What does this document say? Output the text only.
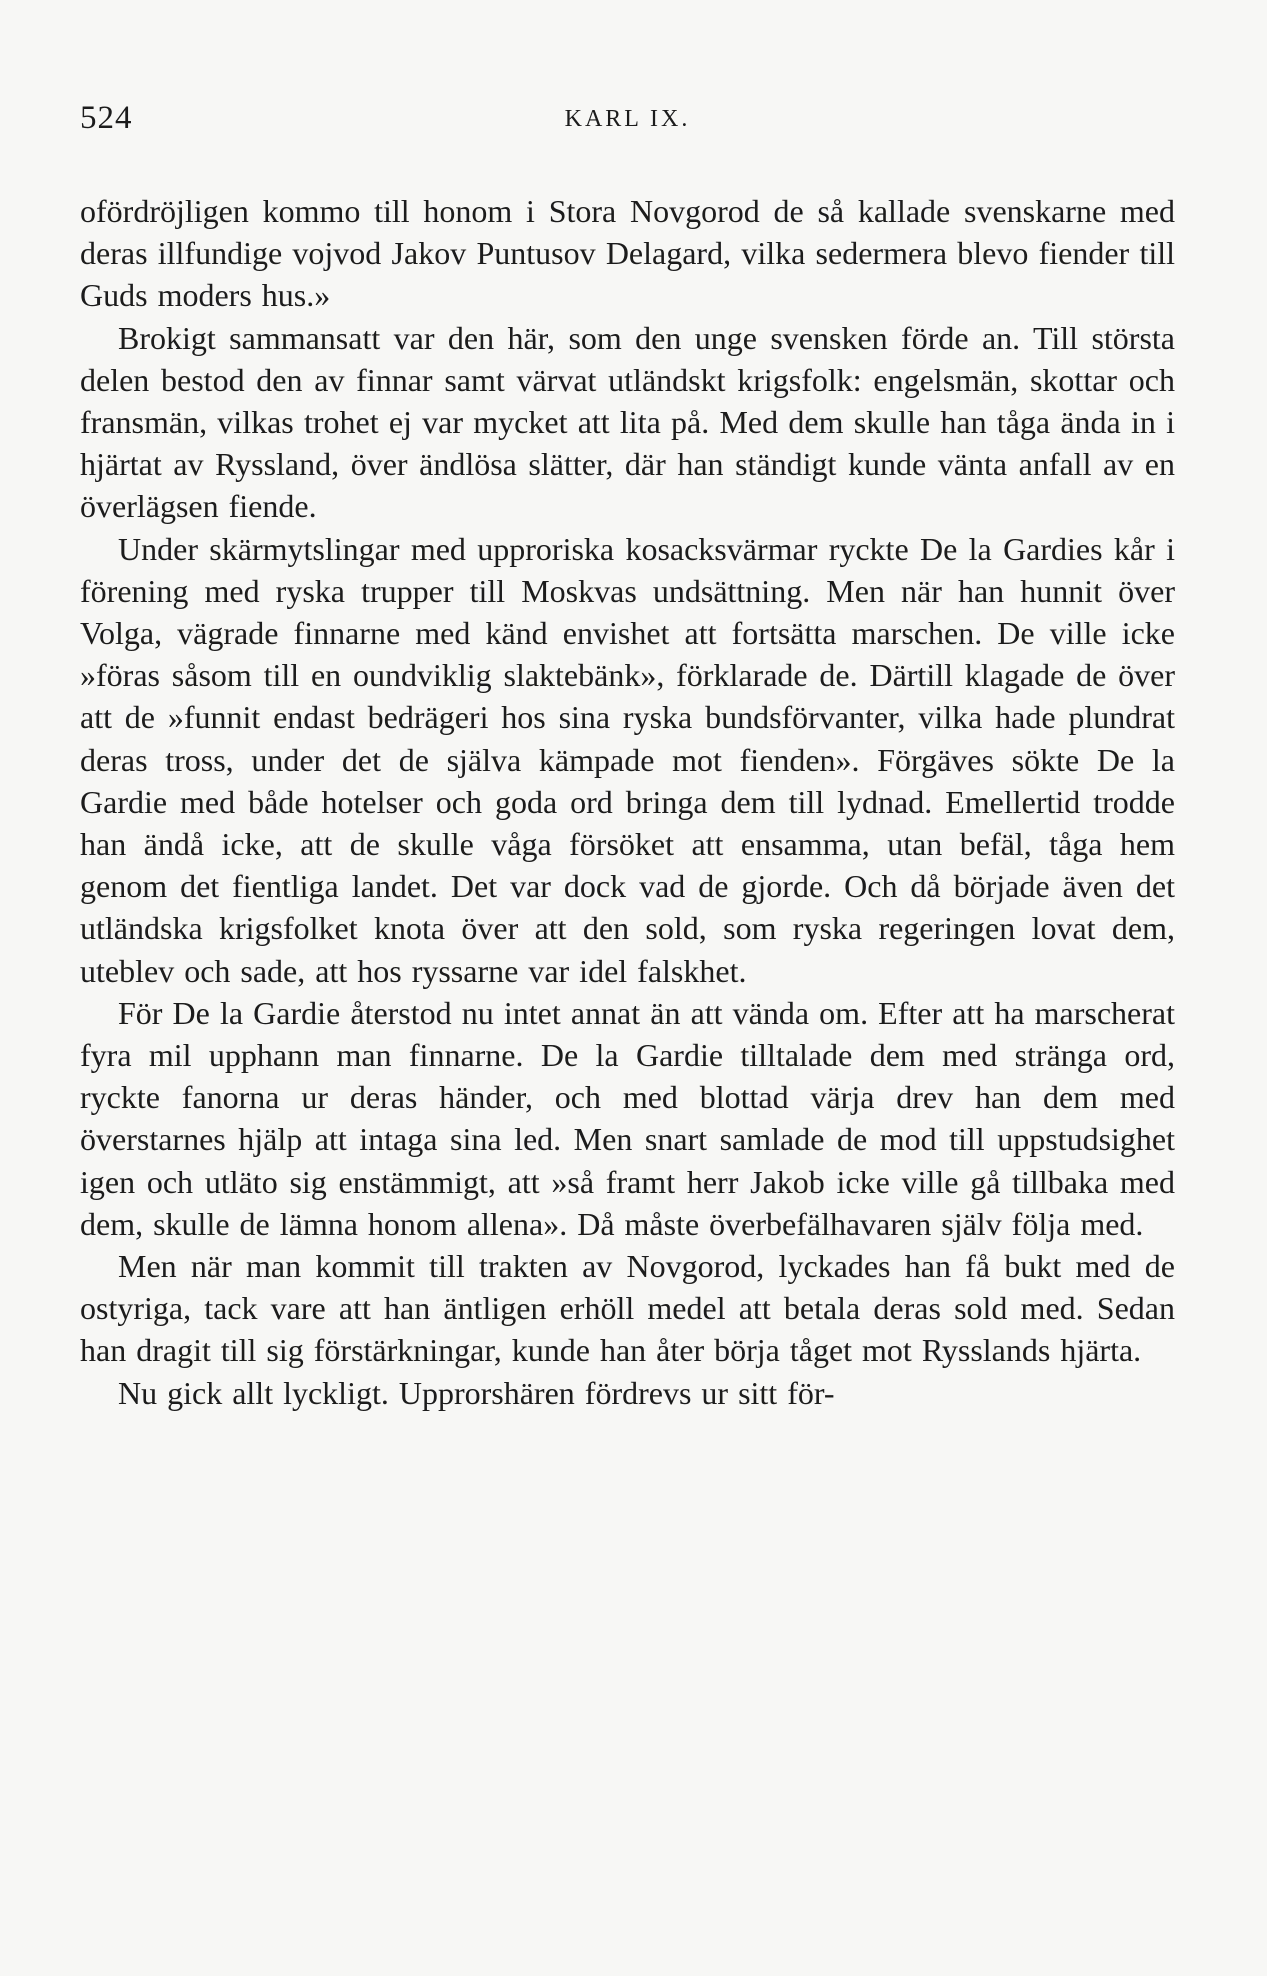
524	KARL IX.

ofördröjligen kommo till honom i Stora Novgorod de så kallade svenskarne med deras illfundige vojvod Jakov Puntusov Delagard, vilka sedermera blevo fiender till Guds moders hus.»

Brokigt sammansatt var den här, som den unge svensken förde an. Till största delen bestod den av finnar samt värvat utländskt krigsfolk: engelsmän, skottar och fransmän, vilkas trohet ej var mycket att lita på. Med dem skulle han tåga ända in i hjärtat av Ryssland, över ändlösa slätter, där han ständigt kunde vänta anfall av en överlägsen fiende.

Under skärmytslingar med upproriska kosacksvärmar ryckte De la Gardies kår i förening med ryska trupper till Moskvas undsättning. Men när han hunnit över Volga, vägrade finnarne med känd envishet att fortsätta marschen. De ville icke »föras såsom till en oundviklig slaktebänk», förklarade de. Därtill klagade de över att de »funnit endast bedrägeri hos sina ryska bundsförvanter, vilka hade plundrat deras tross, under det de själva kämpade mot fienden». Förgäves sökte De la Gardie med både hotelser och goda ord bringa dem till lydnad. Emellertid trodde han ändå icke, att de skulle våga försöket att ensamma, utan befäl, tåga hem genom det fientliga landet. Det var dock vad de gjorde. Och då började även det utländska krigsfolket knota över att den sold, som ryska regeringen lovat dem, uteblev och sade, att hos ryssarne var idel falskhet.

För De la Gardie återstod nu intet annat än att vända om. Efter att ha marscherat fyra mil upphann man finnarne. De la Gardie tilltalade dem med stränga ord, ryckte fanorna ur deras händer, och med blottad värja drev han dem med överstarnes hjälp att intaga sina led. Men snart samlade de mod till uppstudsighet igen och utläto sig enstämmigt, att »så framt herr Jakob icke ville gå tillbaka med dem, skulle de lämna honom allena». Då måste överbefälhavaren själv följa med.

Men när man kommit till trakten av Novgorod, lyckades han få bukt med de ostyriga, tack vare att han äntligen erhöll medel att betala deras sold med. Sedan han dragit till sig förstärkningar, kunde han åter börja tåget mot Rysslands hjärta.

Nu gick allt lyckligt. Upprorshären fördrevs ur sitt för-
